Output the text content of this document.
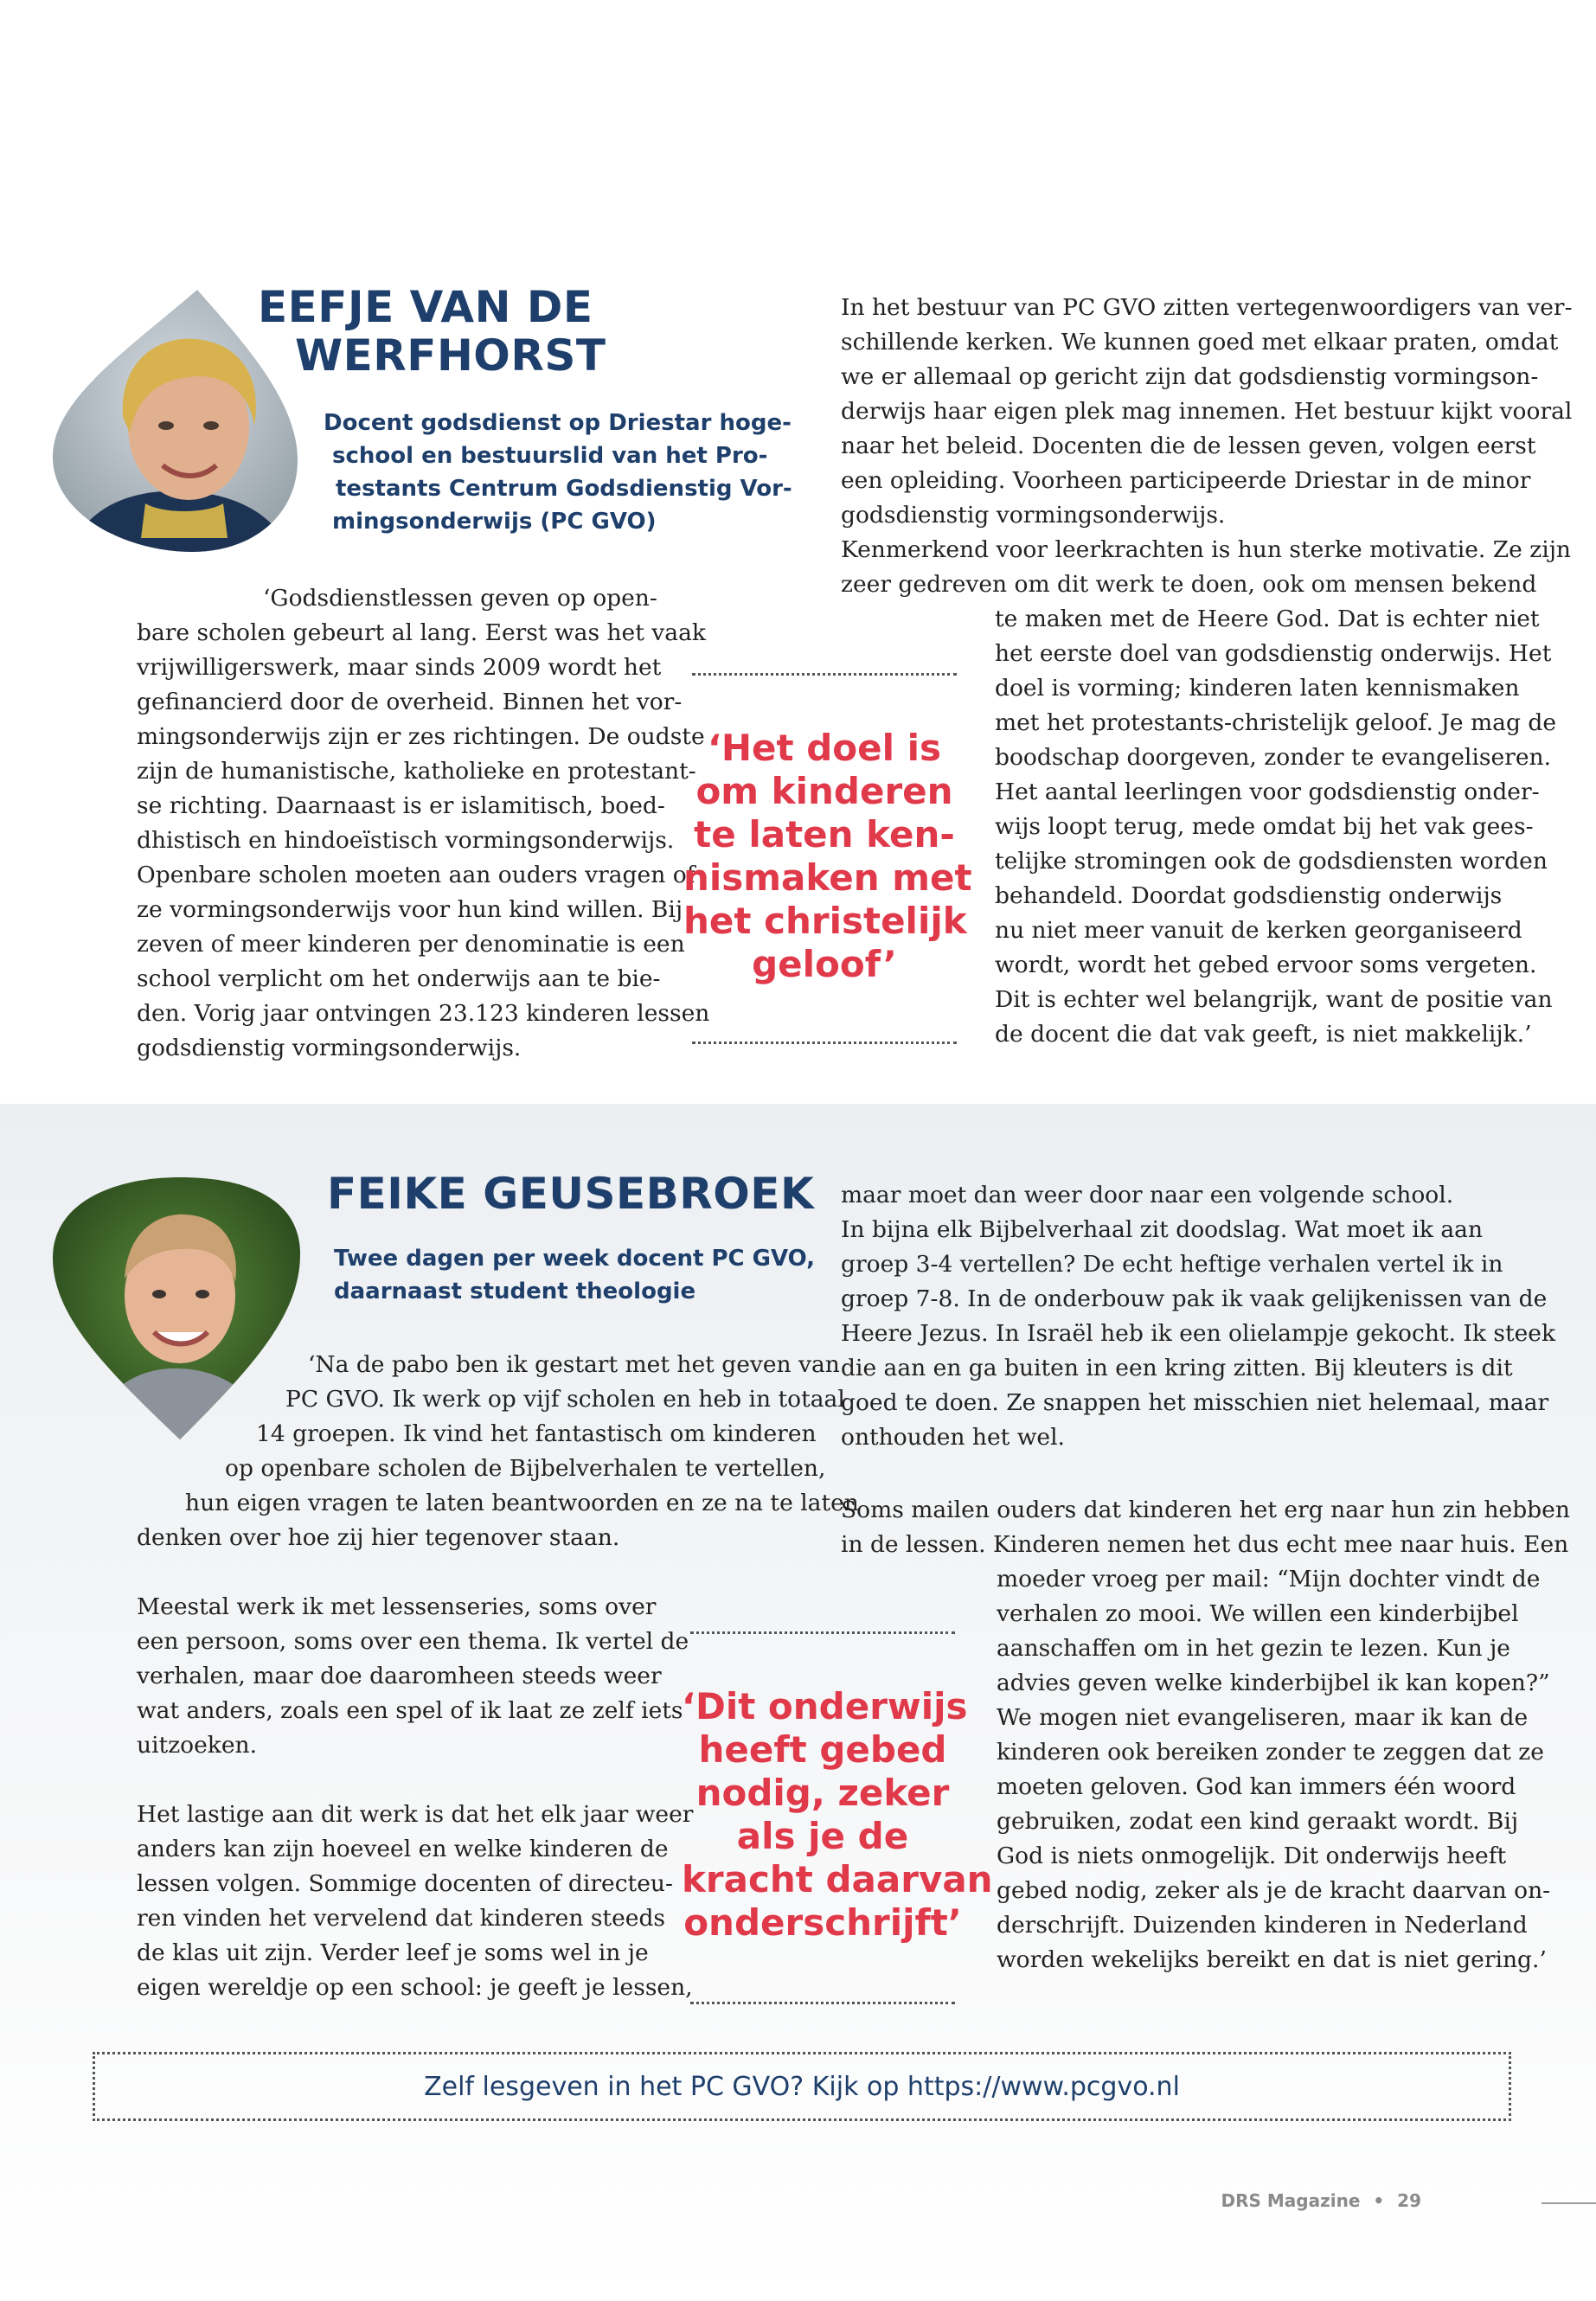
EEFJE VAN DE
WERFHORST
Docent godsdienst op Driestar hoge-
school en bestuurslid van het Pro-
testants Centrum Godsdienstig Vor-
mingsonderwijs (PC GVO)
‘Godsdienstlessen geven op open-
bare scholen gebeurt al lang. Eerst was het vaak
vrijwilligerswerk, maar sinds 2009 wordt het
gefinancierd door de overheid. Binnen het vor-
mingsonderwijs zijn er zes richtingen. De oudste
zijn de humanistische, katholieke en protestant-
se richting. Daarnaast is er islamitisch, boed-
dhistisch en hindoeïstisch vormingsonderwijs.
Openbare scholen moeten aan ouders vragen of
ze vormingsonderwijs voor hun kind willen. Bij
zeven of meer kinderen per denominatie is een
school verplicht om het onderwijs aan te bie-
den. Vorig jaar ontvingen 23.123 kinderen lessen
godsdienstig vormingsonderwijs.
In het bestuur van PC GVO zitten vertegenwoordigers van ver-
schillende kerken. We kunnen goed met elkaar praten, omdat
we er allemaal op gericht zijn dat godsdienstig vormingson-
derwijs haar eigen plek mag innemen. Het bestuur kijkt vooral
naar het beleid. Docenten die de lessen geven, volgen eerst
een opleiding. Voorheen participeerde Driestar in de minor
godsdienstig vormingsonderwijs.
Kenmerkend voor leerkrachten is hun sterke motivatie. Ze zijn
zeer gedreven om dit werk te doen, ook om mensen bekend
te maken met de Heere God. Dat is echter niet
het eerste doel van godsdienstig onderwijs. Het
doel is vorming; kinderen laten kennismaken
met het protestants-christelijk geloof. Je mag de
boodschap doorgeven, zonder te evangeliseren.
Het aantal leerlingen voor godsdienstig onder-
wijs loopt terug, mede omdat bij het vak gees-
telijke stromingen ook de godsdiensten worden
behandeld. Doordat godsdienstig onderwijs
nu niet meer vanuit de kerken georganiseerd
wordt, wordt het gebed ervoor soms vergeten.
Dit is echter wel belangrijk, want de positie van
de docent die dat vak geeft, is niet makkelijk.’
‘Het doel is
om kinderen
te laten ken-
nismaken met
het christelijk
geloof’
FEIKE GEUSEBROEK
Twee dagen per week docent PC GVO,
daarnaast student theologie
‘Na de pabo ben ik gestart met het geven van
PC GVO. Ik werk op vijf scholen en heb in totaal
14 groepen. Ik vind het fantastisch om kinderen
op openbare scholen de Bijbelverhalen te vertellen,
hun eigen vragen te laten beantwoorden en ze na te laten
denken over hoe zij hier tegenover staan.
Meestal werk ik met lessenseries, soms over
een persoon, soms over een thema. Ik vertel de
verhalen, maar doe daaromheen steeds weer
wat anders, zoals een spel of ik laat ze zelf iets
uitzoeken.
Het lastige aan dit werk is dat het elk jaar weer
anders kan zijn hoeveel en welke kinderen de
lessen volgen. Sommige docenten of directeu-
ren vinden het vervelend dat kinderen steeds
de klas uit zijn. Verder leef je soms wel in je
eigen wereldje op een school: je geeft je lessen,
maar moet dan weer door naar een volgende school.
In bijna elk Bijbelverhaal zit doodslag. Wat moet ik aan
groep 3-4 vertellen? De echt heftige verhalen vertel ik in
groep 7-8. In de onderbouw pak ik vaak gelijkenissen van de
Heere Jezus. In Israël heb ik een olielampje gekocht. Ik steek
die aan en ga buiten in een kring zitten. Bij kleuters is dit
goed te doen. Ze snappen het misschien niet helemaal, maar
onthouden het wel.
Soms mailen ouders dat kinderen het erg naar hun zin hebben
in de lessen. Kinderen nemen het dus echt mee naar huis. Een
moeder vroeg per mail: “Mijn dochter vindt de
verhalen zo mooi. We willen een kinderbijbel
aanschaffen om in het gezin te lezen. Kun je
advies geven welke kinderbijbel ik kan kopen?”
We mogen niet evangeliseren, maar ik kan de
kinderen ook bereiken zonder te zeggen dat ze
moeten geloven. God kan immers één woord
gebruiken, zodat een kind geraakt wordt. Bij
God is niets onmogelijk. Dit onderwijs heeft
gebed nodig, zeker als je de kracht daarvan on-
derschrijft. Duizenden kinderen in Nederland
worden wekelijks bereikt en dat is niet gering.’
‘Dit onderwijs
heeft gebed
nodig, zeker
als je de
kracht daarvan
onderschrijft’
Zelf lesgeven in het PC GVO? Kijk op https://www.pcgvo.nl
DRS Magazine • 29
